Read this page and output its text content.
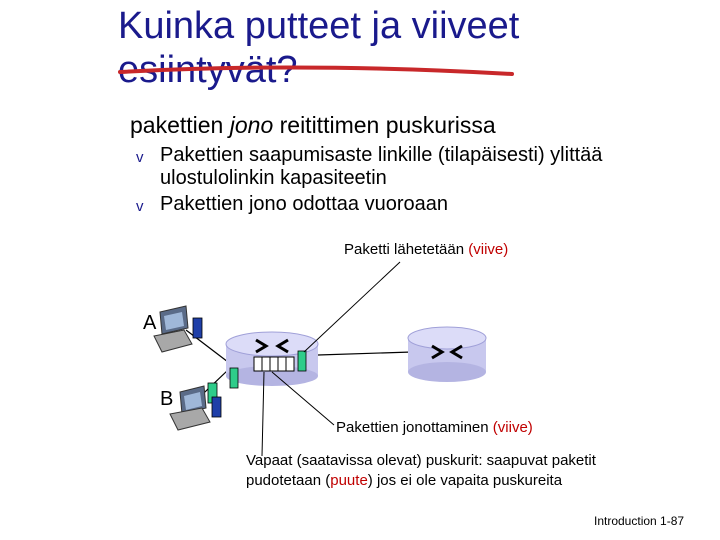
Kuinka putteet ja viiveet
esiintyvät?
pakettien jono reitittimen puskurissa
v Pakettien saapumisaste linkille (tilapäisesti) ylittää ulostulolinkin kapasiteetin
v Pakettien jono odottaa vuoroaan
Paketti lähetetään (viive)
A
B
Pakettien jonottaminen (viive)
Vapaat (saatavissa olevat) puskurit: saapuvat paketit
pudotetaan (puute) jos ei ole vapaita puskureita
Introduction 1-87
